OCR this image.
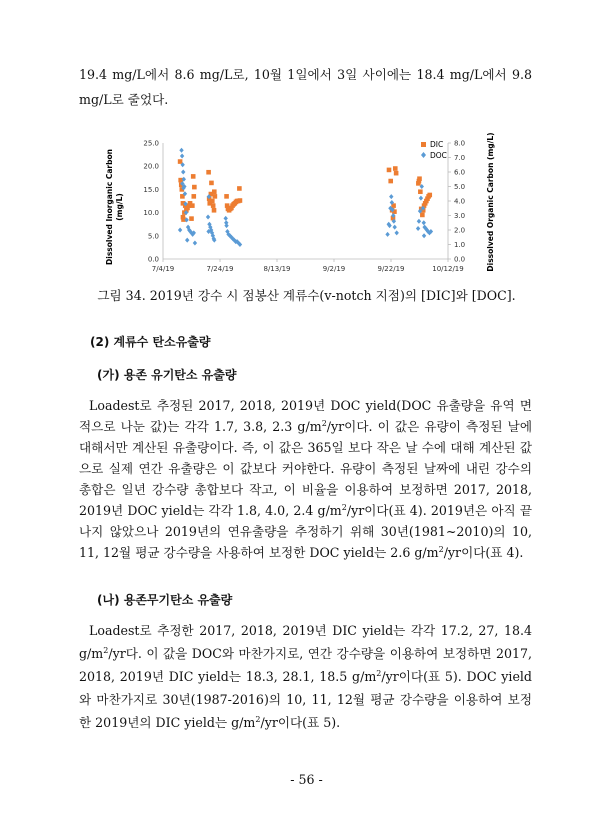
19.4 mg/L에서 8.6 mg/L로, 10월 1일에서 3일 사이에는 18.4 mg/L에서 9.8 mg/L로 줄었다.
0.0
5.0
10.0
15.0
20.0
25.0
0.0
1.0
2.0
3.0
4.0
5.0
6.0
7.0
8.0
7/4/19	7/24/19	8/13/19	9/2/19	9/22/19	10/12/19
Dissolved Inorganic Carbon (mg/L)	Dissolved Organic Carbon (mg/L)
DIC
DOC
그림 34. 2019년 강수 시 점봉산 계류수(v-notch 지점)의 [DIC]와 [DOC].
(2) 계류수 탄소유출량
(가) 용존 유기탄소 유출량
Loadest로 추정된 2017, 2018, 2019년 DOC yield(DOC 유출량을 유역 면적으로 나눈 값)는 각각 1.7, 3.8, 2.3 $g/m^2/yr$이다. 이 값은 유량이 측정된 날에 대해서만 계산된 유출량이다. 즉, 이 값은 365일 보다 작은 날 수에 대해 계산된 값으로 실제 연간 유출량은 이 값보다 커야한다. 유량이 측정된 날짜에 내린 강수의 총합은 일년 강수량 총합보다 작고, 이 비율을 이용하여 보정하면 2017, 2018, 2019년 DOC yield는 각각 1.8, 4.0, 2.4 $g/m^2/yr$이다(표 4). 2019년은 아직 끝나지 않았으나 2019년의 연유출량을 추정하기 위해 30년(1981~2010)의 10, 11, 12월 평균 강수량을 사용하여 보정한 DOC yield는 2.6 $g/m^2/yr$이다(표 4).
(나) 용존무기탄소 유출량
Loadest로 추정한 2017, 2018, 2019년 DIC yield는 각각 17.2, 27, 18.4 $g/m^2/yr$다. 이 값을 DOC와 마찬가지로, 연간 강수량을 이용하여 보정하면 2017, 2018, 2019년 DIC yield는 18.3, 28.1, 18.5 $g/m^2/yr$이다(표 5). DOC yield와 마찬가지로 30년(1987-2016)의 10, 11, 12월 평균 강수량을 이용하여 보정한 2019년의 DIC yield는 $g/m^2/yr$이다(표 5).
- 56 -
